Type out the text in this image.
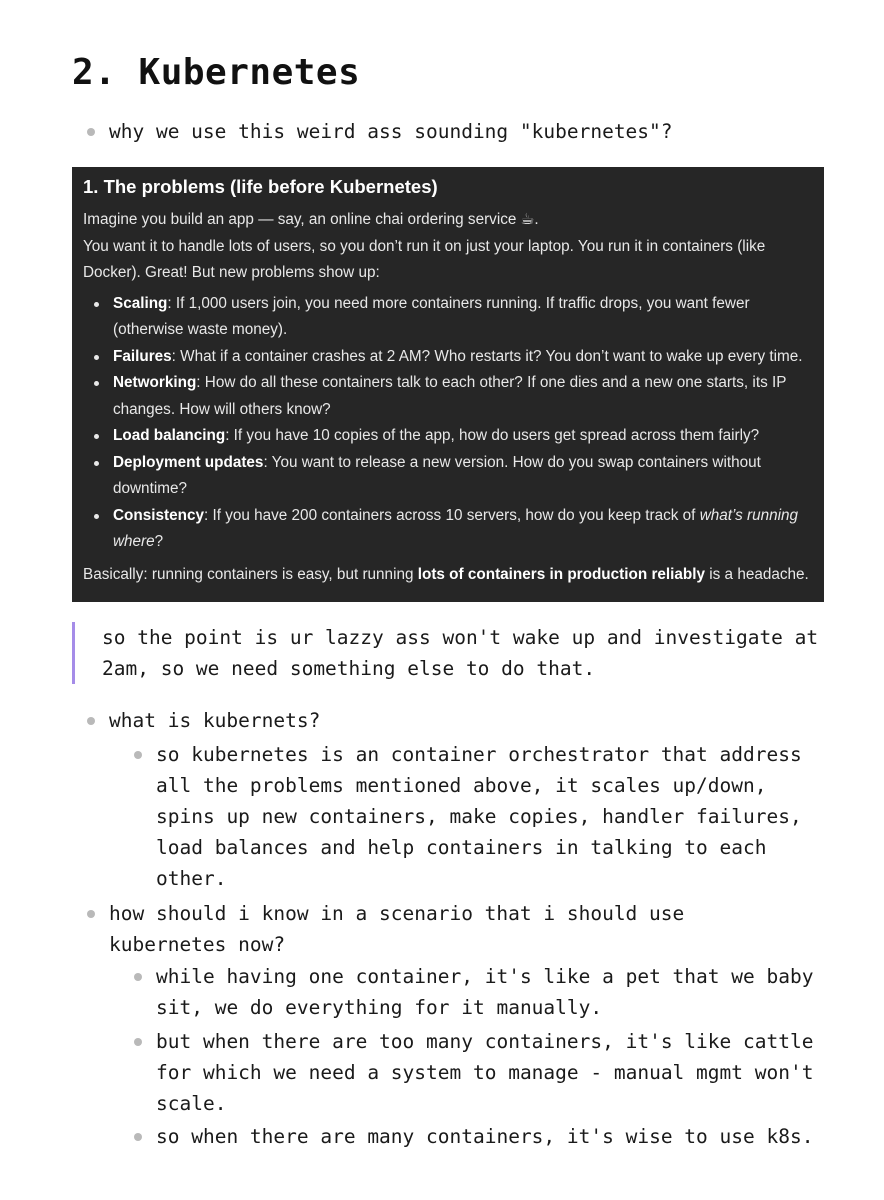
2. Kubernetes
why we use this weird ass sounding "kubernetes"?
1. The problems (life before Kubernetes)

Imagine you build an app — say, an online chai ordering service ☕.

You want it to handle lots of users, so you don’t run it on just your laptop. You run it in containers (like Docker). Great! But new problems show up:

Scaling: If 1,000 users join, you need more containers running. If traffic drops, you want fewer (otherwise waste money).
Failures: What if a container crashes at 2 AM? Who restarts it? You don’t want to wake up every time.
Networking: How do all these containers talk to each other? If one dies and a new one starts, its IP changes. How will others know?
Load balancing: If you have 10 copies of the app, how do users get spread across them fairly?
Deployment updates: You want to release a new version. How do you swap containers without downtime?
Consistency: If you have 200 containers across 10 servers, how do you keep track of what’s running where?

Basically: running containers is easy, but running lots of containers in production reliably is a headache.

so the point is ur lazzy ass won't wake up and investigate at 2am, so we need something else to do that.
what is kubernets?
so kubernetes is an container orchestrator that address all the problems mentioned above, it scales up/down, spins up new containers, make copies, handler failures, load balances and help containers in talking to each other.
how should i know in a scenario that i should use kubernetes now?
while having one container, it's like a pet that we baby sit, we do everything for it manually.
but when there are too many containers, it's like cattle for which we need a system to manage - manual mgmt won't scale.
so when there are many containers, it's wise to use k8s.
